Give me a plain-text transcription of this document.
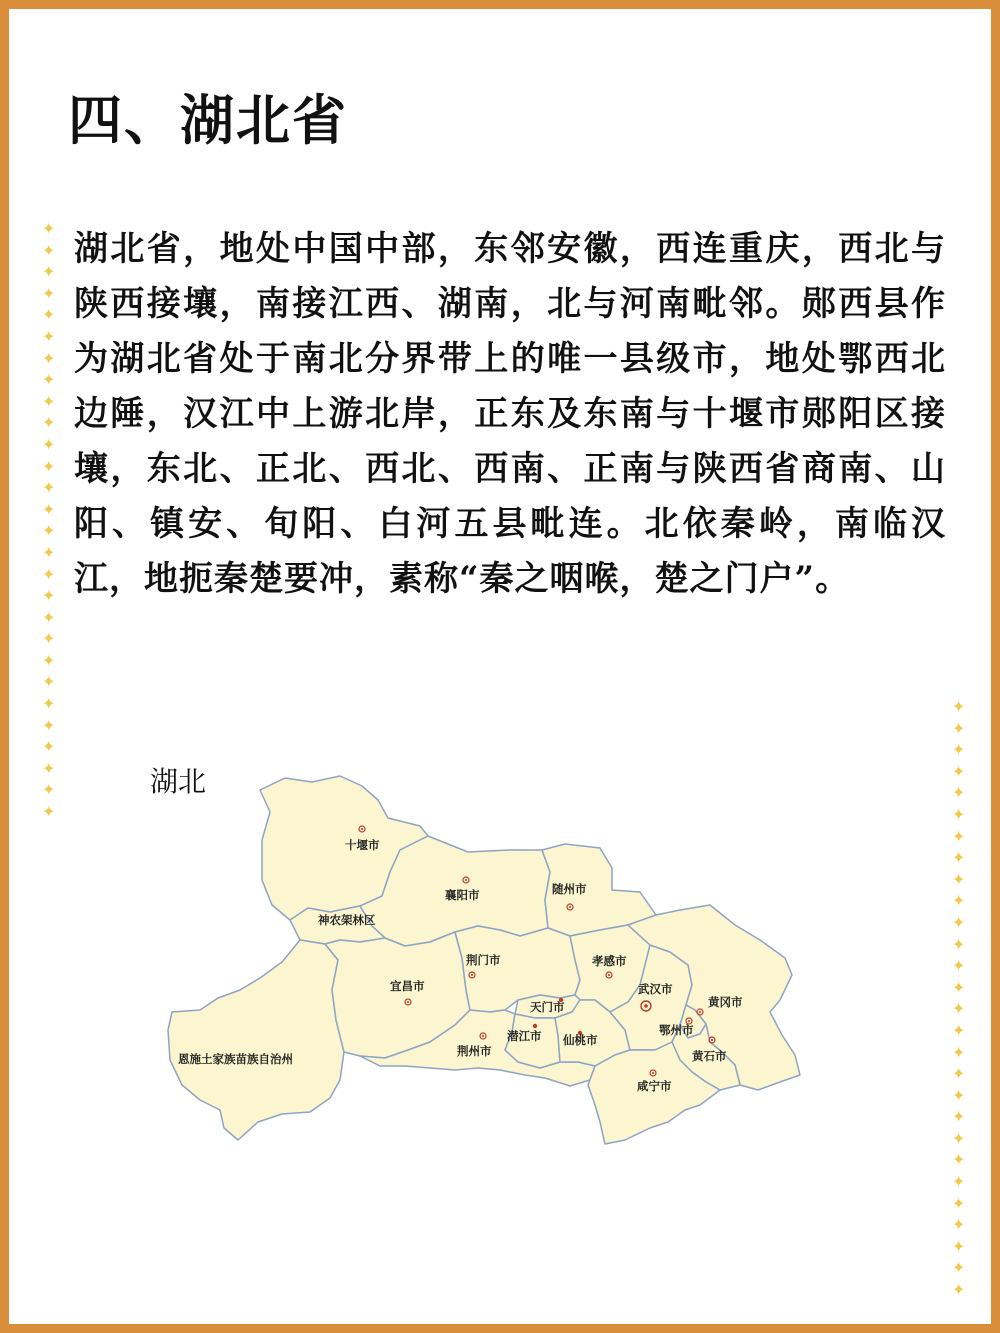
四、湖北省

湖北省，地处中国中部，东邻安徽，西连重庆，西北与陕西接壤，南接江西、湖南，北与河南毗邻。郧西县作为湖北省处于南北分界带上的唯一县级市，地处鄂西北边陲，汉江中上游北岸，正东及东南与十堰市郧阳区接壤，东北、正北、西北、西南、正南与陕西省商南、山阳、镇安、旬阳、白河五县毗连。北依秦岭，南临汉江，地扼秦楚要冲，素称“秦之咽喉，楚之门户”。

✦
✦
✦
✦
✦
✦
✦
✦
✦
✦
✦
✦
✦
✦
✦
✦
✦
✦
✦
✦
✦
✦
✦
✦
✦
✦
✦
✦
✦
✦
✦
✦
✦
✦
✦
✦
✦
✦
✦
✦
✦
✦
✦
✦
✦
✦
✦
✦
✦
✦
✦
✦
✦
✦
✦
✦
湖北
十堰市
襄阳市	随州市
神农架林区
荆门市	孝感市
宜昌市	武汉市
黄冈市
天门市
恩施土家族苗族自治州
潜江市 仙桃市
鄂州市
荆州市	黄石市
咸宁市
